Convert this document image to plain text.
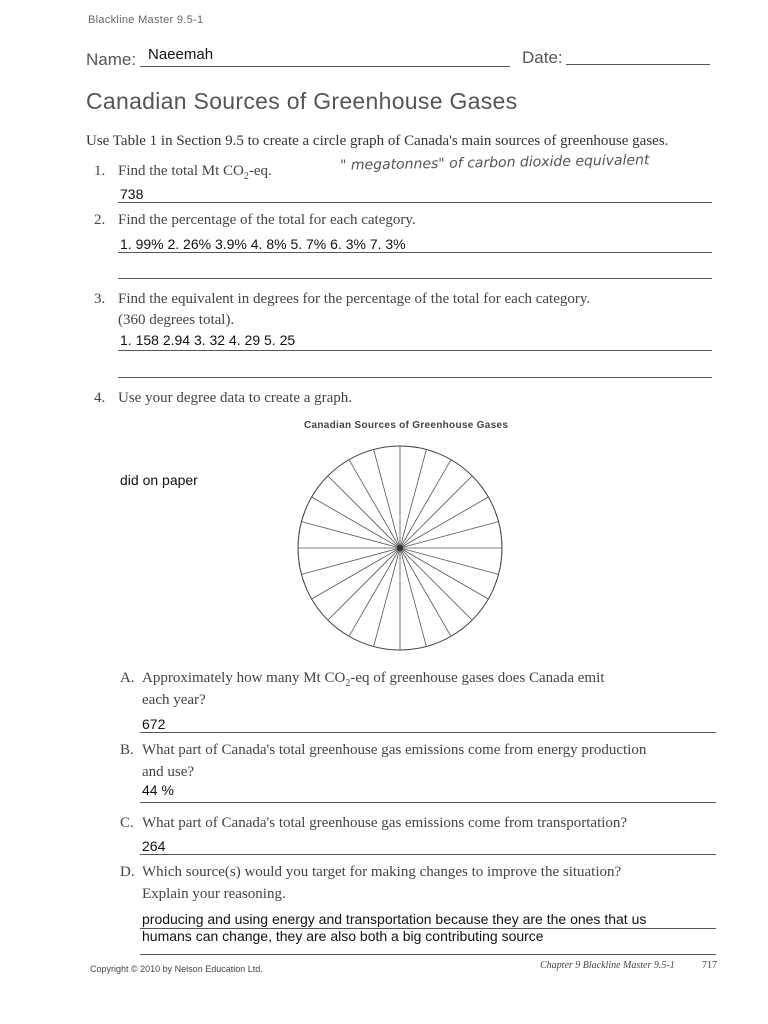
Blackline Master 9.5-1
Name: Naeemah	Date:
Canadian Sources of Greenhouse Gases
Use Table 1 in Section 9.5 to create a circle graph of Canada's main sources of greenhouse gases.
1. Find the total Mt $CO_2-eq$.	" megatonnes" of carbon dioxide equivalent
738
2. Find the percentage of the total for each category.
1. 99% 2. 26% 3.9% 4. 8% 5. 7% 6. 3% 7. 3%
3. Find the equivalent in degrees for the percentage of the total for each category.
(360 degrees total).
1. 158 2.94 3. 32 4. 29 5. 25
4. Use your degree data to create a graph.
Canadian Sources of Greenhouse Gases
did on paper
A. Approximately how many Mt $CO_2-eq$ of greenhouse gases does Canada emit
each year?
672
B. What part of Canada's total greenhouse gas emissions come from energy production
and use?
44 %
C. What part of Canada's total greenhouse gas emissions come from transportation?
264
D. Which source(s) would you target for making changes to improve the situation?
Explain your reasoning.
producing and using energy and transportation because they are the ones that us
humans can change, they are also both a big contributing source
Copyright © 2010 by Nelson Education Ltd.	Chapter 9 Blackline Master 9.5-1	717
